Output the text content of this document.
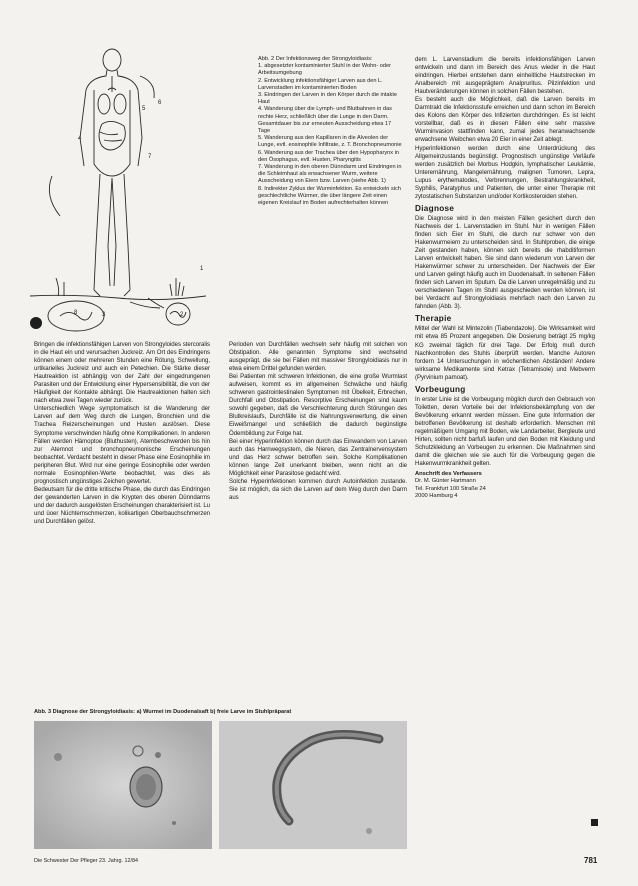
6
5
4
7
1
2
8	3

Abb. 2 Der Infektionsweg der Strongyloidiasis:

1. abgesetzter kontaminierter Stuhl in der Wohn- oder Arbeitsumgebung

2. Entwicklung infektionsfähiger Larven aus den L. Larvenstadien im kontaminierten Boden

3. Eindringen der Larven in den Körper durch die intakte Haut

4. Wanderung über die Lymph- und Blutbahnen in das rechte Herz, schließlich über die Lunge in den Darm. Gesamtdauer bis zur erneuten Ausscheidung etwa 17 Tage

5. Wanderung aus den Kapillaren in die Alveolen der Lunge, evtl. eosinophile Infiltrate, z. T. Bronchopneumonie

6. Wanderung aus der Trachea über den Hypopharynx in den Ösophagus, evtl. Husten, Pharyngitis

7. Wanderung in den oberen Dünndarm und Eindringen in die Schleimhaut als erwachsener Wurm, weitere Ausscheidung von Eiern bzw. Larven (siehe Abb. 1)

8. Indirekter Zyklus der Wurminfektion. Es entwickeln sich geschlechtliche Würmer, die über längere Zeit einen eigenen Kreislauf im Boden aufrechterhalten können

Bringen die infektionsfähigen Larven von Strongyloides stercoralis in die Haut ein und verursachen Juckreiz. Am Ort des Eindringens können einem oder mehreren Stunden eine Rötung, Schwellung, urtikarielles Juckreiz und auch ein Petechien. Die Stärke dieser Hautreaktion ist abhängig von der Zahl der eingedrungenen Parasiten und der Entwicklung einer Hypersensibilität, die von der Häufigkeit der Kontakte abhängt. Die Hautreaktionen halten sich nach etwa zwei Tagen wieder zurück.

Unterschiedlich Wege symptomatisch ist die Wanderung der Larven auf dem Weg durch die Lungen, Bronchien und die Trachea Reizerscheinungen und Husten auslösen. Diese Symptome verschwinden häufig ohne Komplikationen. In anderen Fällen werden Hämoptoe (Bluthusten), Atembeschwerden bis hin zur Atemnot und bronchopneumonische Erscheinungen beobachtet. Verdacht besteht in dieser Phase eine Eosinophilie im peripheren Blut. Wird nur eine geringe Eosinophilie oder werden normale Eosinophilen-Werte beobachtet, was dies als prognostisch ungünstiges Zeichen gewertet.

Bedeutsam für die dritte kritische Phase, die durch das Eindringen der gewanderten Larven in die Krypten des oberen Dünndarms und der dadurch ausgelösten Erscheinungen charakterisiert ist. Lu und üoer Nüchternschmerzen, kolikartigen Oberbauchschmerzen und Durchfällen gelöst.

Perioden von Durchfällen wechseln sehr häufig mit solchen von Obstipation. Alle genannten Symptome sind wechselnd ausgeprägt, die sie bei Fällen mit massiver Strongyloidiasis nur in etwa einem Drittel gefunden werden.

Bei Patienten mit schweren Infektionen, die eine große Wurmlast aufweisen, kommt es im allgemeinen Schwäche und häufig schweren gastrointestinalen Symptomen mit Übelkeit, Erbrechen, Durchfall und Obstipation. Resorptive Erscheinungen sind kaum sowohl gegeben, daß die Verschlechterung durch Störungen des Blutkreislaufs, Durchfälle ist die Nahrungsverwertung, die einen Eiweißmangel und schließlich die dadurch begünstigte Ödembildung zur Folge hat.

Bei einer Hyperinfektion können durch das Einwandern von Larven auch das Harnwegsystem, die Nieren, das Zentralnervensystem und das Herz schwer betroffen sein. Solche Komplikationen können lange Zeit unerkannt bleiben, wenn nicht an die Möglichkeit einer Parasitose gedacht wird.

Solche Hyperinfektionen kommen durch Autoinfektion zustande. Sie ist möglich, da sich die Larven auf dem Weg durch den Darm aus

dem L. Larvenstadium die bereits infektionsfähigen Larven entwickeln und dann im Bereich des Anus wieder in die Haut eindringen. Hierbei entstehen dann einheitliche Hautstrecken im Analbereich mit ausgeprägtem Analpruritus. Pilzinfektion und Hautveränderungen können in solchen Fällen bestehen.

Es besteht auch die Möglichkeit, daß die Larven bereits im Darmtrakt die Infektionsstufe erreichen und dann schon im Bereich des Kolons den Körper des Infizierten durchdringen. Es ist leicht vorstellbar, daß es in diesen Fällen eine sehr massive Wurminvasion stattfinden kann, zumal jedes heranwachsende erwachsene Weibchen etwa 20 Eier in einer Zeit ablegt.

Hyperinfektionen werden durch eine Unterdrückung des Allgemeinzustands begünstigt. Prognostisch ungünstige Verläufe werden zusätzlich bei Morbus Hodgkin, lymphatischer Leukämie, Unterernährung, Mangelernährung, malignen Tumoren, Lepra, Lupus erythematodes, Verbrennungen, Bestrahlungskrankheit, Syphilis, Paratyphus und Patienten, die unter einer Therapie mit zytostatischen Substanzen und/oder Kortikosteroiden stehen.

Diagnose

Die Diagnose wird in den meisten Fällen gesichert durch den Nachweis der 1. Larvenstadien im Stuhl. Nur in wenigen Fällen finden sich Eier im Stuhl, die durch nur schwer von den Hakenwurmeiern zu unterscheiden sind. In Stuhlproben, die einige Zeit gestanden haben, können sich bereits die rhabditiformen Larven entwickelt haben. Sie sind dann wiederum von Larven der Hakenwürmer schwer zu unterscheiden. Der Nachweis der Eier und Larven gelingt häufig auch im Duodenalsaft. In seltenen Fällen finden sich Larven im Sputum. Da die Larven unregelmäßig und zu verschiedenen Tagen im Stuhl ausgeschieden werden können, ist bei Verdacht auf Strongyloidiasis mehrfach nach den Larven zu fahnden (Abb. 3).

Therapie

Mittel der Wahl ist Mintezolin (Tiabendazole). Die Wirksamkeit wird mit etwa 85 Prozent angegeben. Die Dosierung beträgt 25 mg/kg KG zweimal täglich für drei Tage. Der Erfolg muß durch Nachkontrollen des Stuhls überprüft werden. Manche Autoren fordern 14 Untersuchungen in wöchentlichen Abständen! Andere wirksame Medikamente sind Ketrax (Tetramisole) und Mebverm (Pyrvinium pamoat).

Vorbeugung

In erster Linie ist die Vorbeugung möglich durch den Gebrauch von Toiletten, deren Vorteile bei der Infektionsbekämpfung von der Bevölkerung erkannt werden müssen. Eine gute Information der betroffenen Bevölkerung ist deshalb erforderlich. Menschen mit regelmäßigem Umgang mit Boden, wie Landarbeiter, Bergleute und Hirten, sollten nicht barfuß laufen und den Boden mit Kleidung und Schutzkleidung an Vorbeugen zu erkennen. Die Maßnahmen sind damit die gleichen wie sie auch für die Vorbeugung gegen die Hakenwurmkrankheit gelten.

Anschrift des Verfassers

Dr. M. Günter Hartmann

Tel. Frankfurt 100 Straße 24

2000 Hamburg 4

Abb. 3 Diagnose der Strongyloidiasis: a) Wurmei im Duodenalsaft b) freie Larve im Stuhlpräparat
Die Schwester Der Pfleger 23. Jahrg. 12/84	781
